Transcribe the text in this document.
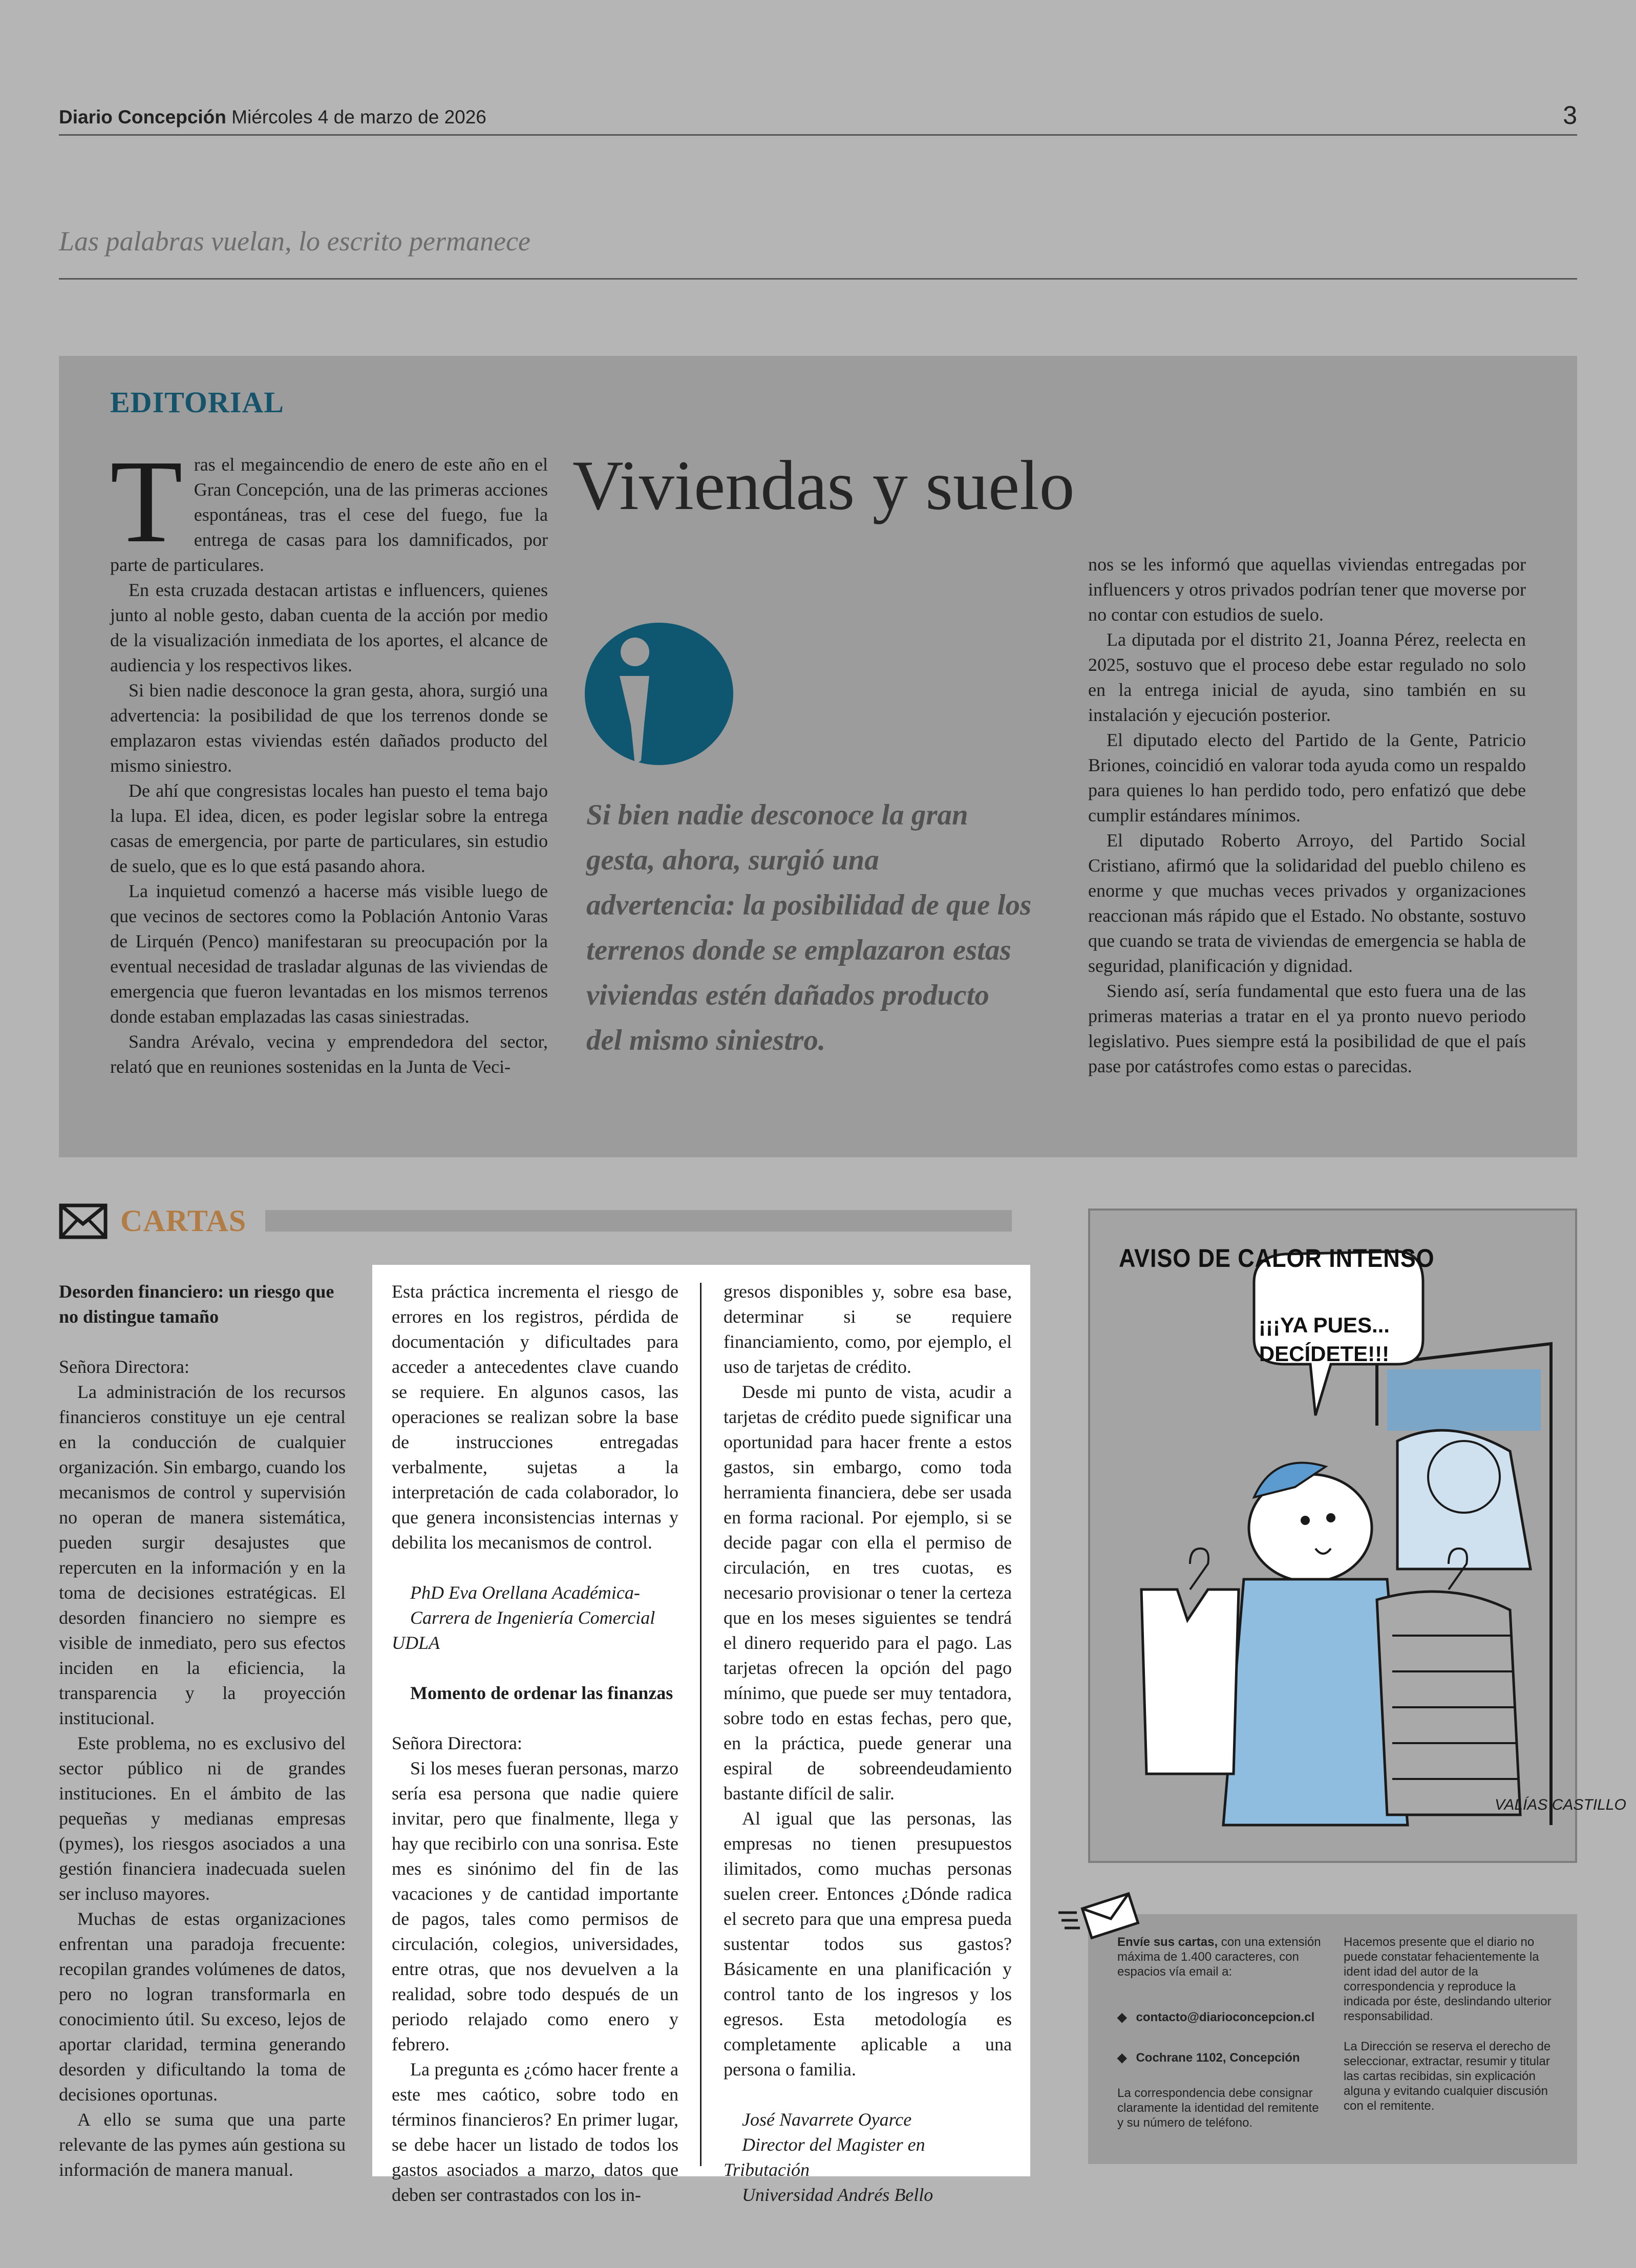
Diario Concepción Miércoles 4 de marzo de 2026	3
Las palabras vuelan, lo escrito permanece
EDITORIAL

T ras el megaincendio de enero de este año en el Gran Concepción, una de las primeras acciones espontáneas, tras el cese del fuego, fue la entrega de casas para los damnificados, por parte de particulares.

En esta cruzada destacan artistas e influencers, quienes junto al noble gesto, daban cuenta de la acción por medio de la visualización inmediata de los aportes, el alcance de audiencia y los respectivos likes.

Si bien nadie desconoce la gran gesta, ahora, surgió una advertencia: la posibilidad de que los terrenos donde se emplazaron estas viviendas estén dañados producto del mismo siniestro.

De ahí que congresistas locales han puesto el tema bajo la lupa. El idea, dicen, es poder legislar sobre la entrega casas de emergencia, por parte de particulares, sin estudio de suelo, que es lo que está pasando ahora.

La inquietud comenzó a hacerse más visible luego de que vecinos de sectores como la Población Antonio Varas de Lirquén (Penco) manifestaran su preocupación por la eventual necesidad de trasladar algunas de las viviendas de emergencia que fueron levantadas en los mismos terrenos donde estaban emplazadas las casas siniestradas.

Sandra Arévalo, vecina y emprendedora del sector, relató que en reuniones sostenidas en la Junta de Veci-

Viviendas y suelo
Si bien nadie desconoce la gran gesta, ahora, surgió una advertencia: la posibilidad de que los terrenos donde se emplazaron estas viviendas estén dañados producto del mismo siniestro.

nos se les informó que aquellas viviendas entregadas por influencers y otros privados podrían tener que moverse por no contar con estudios de suelo.

La diputada por el distrito 21, Joanna Pérez, reelecta en 2025, sostuvo que el proceso debe estar regulado no solo en la entrega inicial de ayuda, sino también en su instalación y ejecución posterior.

El diputado electo del Partido de la Gente, Patricio Briones, coincidió en valorar toda ayuda como un respaldo para quienes lo han perdido todo, pero enfatizó que debe cumplir estándares mínimos.

El diputado Roberto Arroyo, del Partido Social Cristiano, afirmó que la solidaridad del pueblo chileno es enorme y que muchas veces privados y organizaciones reaccionan más rápido que el Estado. No obstante, sostuvo que cuando se trata de viviendas de emergencia se habla de seguridad, planificación y dignidad.

Siendo así, sería fundamental que esto fuera una de las primeras materias a tratar en el ya pronto nuevo periodo legislativo. Pues siempre está la posibilidad de que el país pase por catástrofes como estas o parecidas.

CARTAS

Desorden financiero: un riesgo que no distingue tamaño

Señora Directora:

La administración de los recursos financieros constituye un eje central en la conducción de cualquier organización. Sin embargo, cuando los mecanismos de control y supervisión no operan de manera sistemática, pueden surgir desajustes que repercuten en la información y en la toma de decisiones estratégicas. El desorden financiero no siempre es visible de inmediato, pero sus efectos inciden en la eficiencia, la transparencia y la proyección institucional.

Este problema, no es exclusivo del sector público ni de grandes instituciones. En el ámbito de las pequeñas y medianas empresas (pymes), los riesgos asociados a una gestión financiera inadecuada suelen ser incluso mayores.

Muchas de estas organizaciones enfrentan una paradoja frecuente: recopilan grandes volúmenes de datos, pero no logran transformarla en conocimiento útil. Su exceso, lejos de aportar claridad, termina generando desorden y dificultando la toma de decisiones oportunas.

A ello se suma que una parte relevante de las pymes aún gestiona su información de manera manual.

Esta práctica incrementa el riesgo de errores en los registros, pérdida de documentación y dificultades para acceder a antecedentes clave cuando se requiere. En algunos casos, las operaciones se realizan sobre la base de instrucciones entregadas verbalmente, sujetas a la interpretación de cada colaborador, lo que genera inconsistencias internas y debilita los mecanismos de control.

PhD Eva Orellana Académica-

Carrera de Ingeniería Comercial UDLA

Momento de ordenar las finanzas

Señora Directora:

Si los meses fueran personas, marzo sería esa persona que nadie quiere invitar, pero que finalmente, llega y hay que recibirlo con una sonrisa. Este mes es sinónimo del fin de las vacaciones y de cantidad importante de pagos, tales como permisos de circulación, colegios, universidades, entre otras, que nos devuelven a la realidad, sobre todo después de un periodo relajado como enero y febrero.

La pregunta es ¿cómo hacer frente a este mes caótico, sobre todo en términos financieros? En primer lugar, se debe hacer un listado de todos los gastos asociados a marzo, datos que deben ser contrastados con los in-

gresos disponibles y, sobre esa base, determinar si se requiere financiamiento, como, por ejemplo, el uso de tarjetas de crédito.

Desde mi punto de vista, acudir a tarjetas de crédito puede significar una oportunidad para hacer frente a estos gastos, sin embargo, como toda herramienta financiera, debe ser usada en forma racional. Por ejemplo, si se decide pagar con ella el permiso de circulación, en tres cuotas, es necesario provisionar o tener la certeza que en los meses siguientes se tendrá el dinero requerido para el pago. Las tarjetas ofrecen la opción del pago mínimo, que puede ser muy tentadora, sobre todo en estas fechas, pero que, en la práctica, puede generar una espiral de sobreendeudamiento bastante difícil de salir.

Al igual que las personas, las empresas no tienen presupuestos ilimitados, como muchas personas suelen creer. Entonces ¿Dónde radica el secreto para que una empresa pueda sustentar todos sus gastos? Básicamente en una planificación y control tanto de los ingresos y los egresos. Esta metodología es completamente aplicable a una persona o familia.

José Navarrete Oyarce

Director del Magister en Tributación

Universidad Andrés Bello

VALÍAS CASTILLO
AVISO DE CALOR INTENSO
¡¡¡YA PUES...
DECÍDETE!!!

Envíe sus cartas, con una extensión máxima de 1.400 caracteres, con espacios vía email a:

◆ contacto@diarioconcepcion.cl
◆ Cochrane 1102, Concepción

La correspondencia debe consignar claramente la identidad del remitente y su número de teléfono.

Hacemos presente que el diario no puede constatar fehacientemente la ident idad del autor de la correspondencia y reproduce la indicada por éste, deslindando ulterior responsabilidad.

La Dirección se reserva el derecho de seleccionar, extractar, resumir y titular las cartas recibidas, sin explicación alguna y evitando cualquier discusión con el remitente.
